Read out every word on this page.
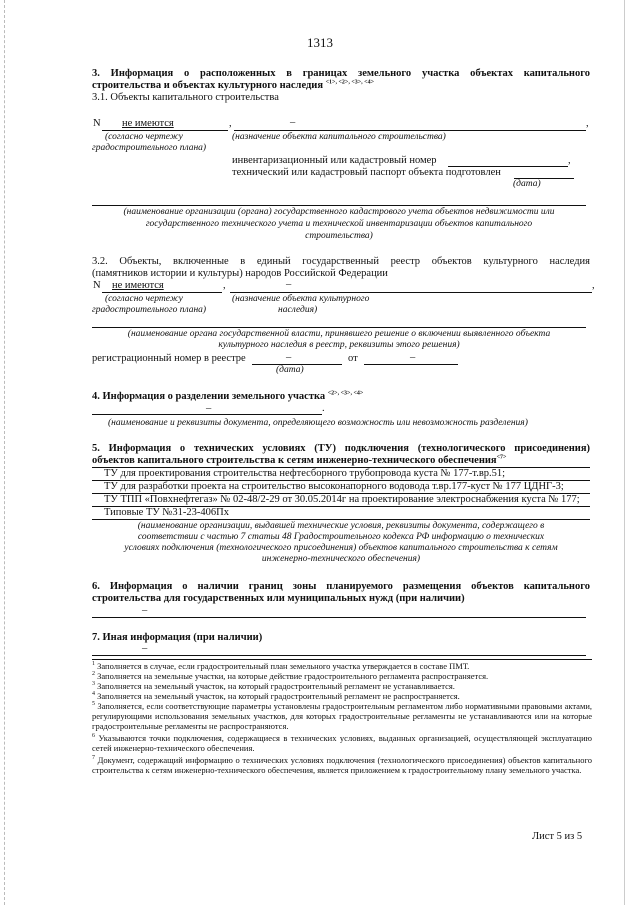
1313
3. Информация о расположенных в границах земельного участка объектах капитального
строительства и объектах культурного наследия $^{<1>, <2>, <3>, <4>}$
3.1. Объекты капитального строительства
N не имеются	,	–	,
(согласно чертежу
градостроительного плана)
(назначение объекта капитального строительства)
инвентаризационный или кадастровый номер	,
технический или кадастровый паспорт объекта подготовлен
(дата)
(наименование организации (органа) государственного кадастрового учета объектов недвижимости или
государственного технического учета и технической инвентаризации объектов капитального
строительства)
3.2. Объекты, включенные в единый государственный реестр объектов культурного наследия
(памятников истории и культуры) народов Российской Федерации
N не имеются	,	–	,
(согласно чертежу
градостроительного плана)
(назначение объекта культурного
наследия)
(наименование органа государственной власти, принявшего решение о включении выявленного объекта
культурного наследия в реестр, реквизиты этого решения)
регистрационный номер в реестре	–	от	–
(дата)
4. Информация о разделении земельного участка $^{<2>, <3>, <4>}$
–	.
(наименование и реквизиты документа, определяющего возможность или невозможность разделения)
5. Информация о технических условиях (ТУ) подключения (технологического присоединения)
объектов капитального строительства к сетям инженерно-технического обеспечения$^{<7>}$
ТУ для проектирования строительства нефтесборного трубопровода куста № 177-т.вр.51;
ТУ для разработки проекта на строительство высоконапорного водовода т.вр.177-куст № 177 ЦДНГ-3;
ТУ ТПП «Повхнефтегаз» № 02-48/2-29 от 30.05.2014г на проектирование электроснабжения куста № 177;
Типовые ТУ №31-23-406Пх
(наименование организации, выдавшей технические условия, реквизиты документа, содержащего в
соответствии с частью 7 статьи 48 Градостроительного кодекса РФ информацию о технических
условиях подключения (технологического присоединения) объектов капитального строительства к сетям
инженерно-технического обеспечения)
6. Информация о наличии границ зоны планируемого размещения объектов капитального
строительства для государственных или муниципальных нужд (при наличии)
–
7. Иная информация (при наличии)
–
$^1$ Заполняется в случае, если градостроительный план земельного участка утверждается в составе ПМТ.
$^2$ Заполняется на земельные участки, на которые действие градостроительного регламента распространяется.
$^3$ Заполняется на земельный участок, на который градостроительный регламент не устанавливается.
$^4$ Заполняется на земельный участок, на который градостроительный регламент не распространяется.
$^5$ Заполняется, если соответствующие параметры установлены градостроительным регламентом либо нормативными правовыми актами, регулирующими использования земельных участков, для которых градостроительные регламенты не устанавливаются или на которые градостроительные регламенты не распространяются.
$^6$ Указываются точки подключения, содержащиеся в технических условиях, выданных организацией, осуществляющей эксплуатацию сетей инженерно-технического обеспечения.
$^7$ Документ, содержащий информацию о технических условиях подключения (технологического присоединения) объектов капитального строительства к сетям инженерно-технического обеспечения, является приложением к градостроительному плану земельного участка.
Лист 5 из 5
